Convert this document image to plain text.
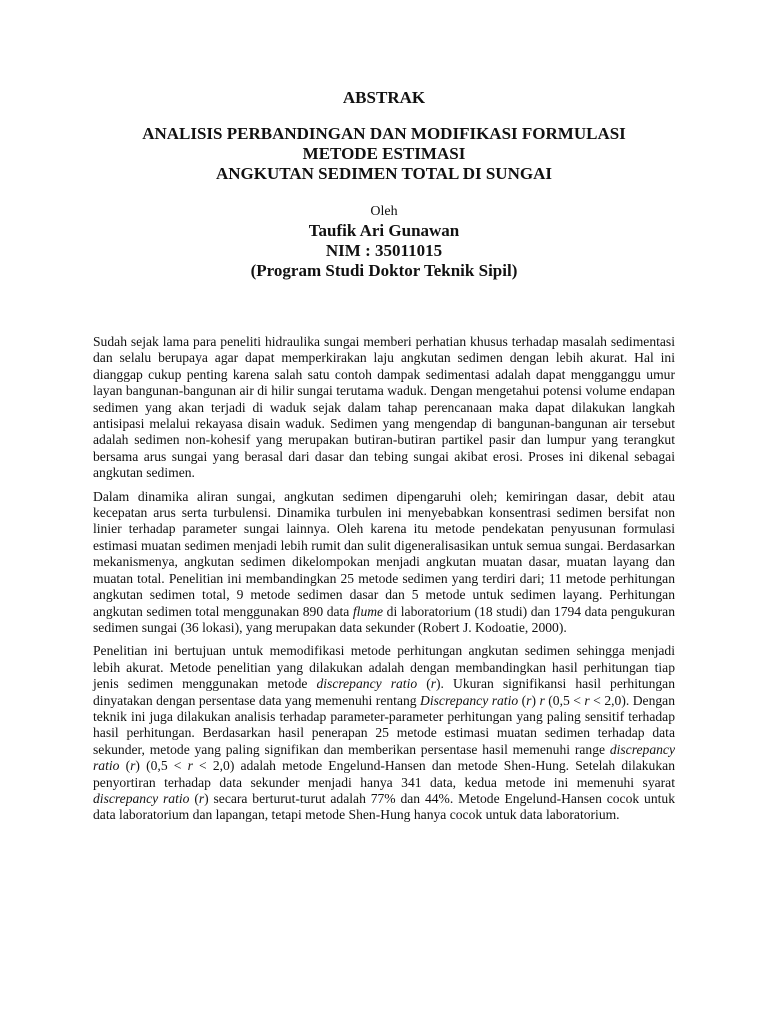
ABSTRAK
ANALISIS PERBANDINGAN DAN MODIFIKASI FORMULASI
METODE ESTIMASI
ANGKUTAN SEDIMEN TOTAL DI SUNGAI
Oleh
Taufik Ari Gunawan
NIM : 35011015
(Program Studi Doktor Teknik Sipil)

Sudah sejak lama para peneliti hidraulika sungai memberi perhatian khusus terhadap masalah sedimentasi dan selalu berupaya agar dapat memperkirakan laju angkutan sedimen dengan lebih akurat. Hal ini dianggap cukup penting karena salah satu contoh dampak sedimentasi adalah dapat mengganggu umur layan bangunan-bangunan air di hilir sungai terutama waduk. Dengan mengetahui potensi volume endapan sedimen yang akan terjadi di waduk sejak dalam tahap perencanaan maka dapat dilakukan langkah antisipasi melalui rekayasa disain waduk. Sedimen yang mengendap di bangunan-bangunan air tersebut adalah sedimen non-kohesif yang merupakan butiran-butiran partikel pasir dan lumpur yang terangkut bersama arus sungai yang berasal dari dasar dan tebing sungai akibat erosi. Proses ini dikenal sebagai angkutan sedimen.

Dalam dinamika aliran sungai, angkutan sedimen dipengaruhi oleh; kemiringan dasar, debit atau kecepatan arus serta turbulensi. Dinamika turbulen ini menyebabkan konsentrasi sedimen bersifat non linier terhadap parameter sungai lainnya. Oleh karena itu metode pendekatan penyusunan formulasi estimasi muatan sedimen menjadi lebih rumit dan sulit digeneralisasikan untuk semua sungai. Berdasarkan mekanismenya, angkutan sedimen dikelompokan menjadi angkutan muatan dasar, muatan layang dan muatan total. Penelitian ini membandingkan 25 metode sedimen yang terdiri dari; 11 metode perhitungan angkutan sedimen total, 9 metode sedimen dasar dan 5 metode untuk sedimen layang. Perhitungan angkutan sedimen total menggunakan 890 data flume di laboratorium (18 studi) dan 1794 data pengukuran sedimen sungai (36 lokasi), yang merupakan data sekunder (Robert J. Kodoatie, 2000).

Penelitian ini bertujuan untuk memodifikasi metode perhitungan angkutan sedimen sehingga menjadi lebih akurat. Metode penelitian yang dilakukan adalah dengan membandingkan hasil perhitungan tiap jenis sedimen menggunakan metode discrepancy ratio (r). Ukuran signifikansi hasil perhitungan dinyatakan dengan persentase data yang memenuhi rentang Discrepancy ratio (r) r (0,5 < r < 2,0). Dengan teknik ini juga dilakukan analisis terhadap parameter-parameter perhitungan yang paling sensitif terhadap hasil perhitungan. Berdasarkan hasil penerapan 25 metode estimasi muatan sedimen terhadap data sekunder, metode yang paling signifikan dan memberikan persentase hasil memenuhi range discrepancy ratio (r) (0,5 < r < 2,0) adalah metode Engelund-Hansen dan metode Shen-Hung. Setelah dilakukan penyortiran terhadap data sekunder menjadi hanya 341 data, kedua metode ini memenuhi syarat discrepancy ratio (r) secara berturut-turut adalah 77% dan 44%. Metode Engelund-Hansen cocok untuk data laboratorium dan lapangan, tetapi metode Shen-Hung hanya cocok untuk data laboratorium.
